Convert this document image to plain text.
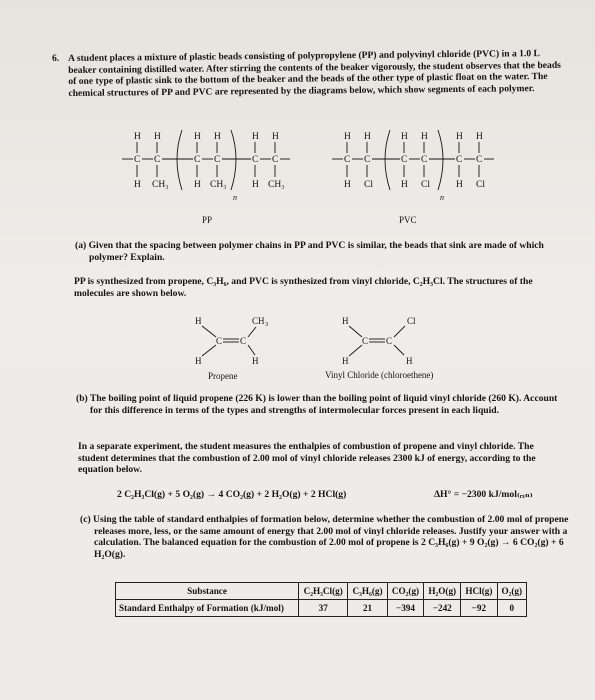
6. A student places a mixture of plastic beads consisting of polypropylene (PP) and polyvinyl chloride (PVC) in a 1.0 L beaker containing distilled water. After stirring the contents of the beaker vigorously, the student observes that the beads of one type of plastic sink to the bottom of the beaker and the beads of the other type of plastic float on the water. The chemical structures of PP and PVC are represented by the diagrams below, which show segments of each polymer.
H H	H H	H H
C C	C C	C C
n
H CH₃	H CH₃	H CH₃
H H	H H	H H
C C	C C	C C
n
H Cl	H Cl	H Cl
PP	PVC
(a) Given that the spacing between polymer chains in PP and PVC is similar, the beads that sink are made of which polymer? Explain.
PP is synthesized from propene, C₃H₆, and PVC is synthesized from vinyl chloride, C₂H₃Cl. The structures of the molecules are shown below.
H	CH 3
C C
H	H
H	Cl
C C
H	H
Propene	Vinyl Chloride (chloroethene)
(b) The boiling point of liquid propene (226 K) is lower than the boiling point of liquid vinyl chloride (260 K). Account for this difference in terms of the types and strengths of intermolecular forces present in each liquid.
In a separate experiment, the student measures the enthalpies of combustion of propene and vinyl chloride. The student determines that the combustion of 2.00 mol of vinyl chloride releases 2300 kJ of energy, according to the equation below.
2 C₂H₃Cl(g) + 5 O₂(g) → 4 CO₂(g) + 2 H₂O(g) + 2 HCl(g)	ΔH° = −2300 kJ/mol₍ᵣₓₙ₎
(c) Using the table of standard enthalpies of formation below, determine whether the combustion of 2.00 mol of propene releases more, less, or the same amount of energy that 2.00 mol of vinyl chloride releases. Justify your answer with a calculation. The balanced equation for the combustion of 2.00 mol of propene is 2 C₃H₆(g) + 9 O₂(g) → 6 CO₂(g) + 6 H₂O(g).
Substance	C₂H₃Cl(g)	C₃H₆(g)	CO₂(g)	H₂O(g)	HCl(g)	O₂(g)
Standard Enthalpy of Formation (kJ/mol)	37	21	−394	−242	−92	0
